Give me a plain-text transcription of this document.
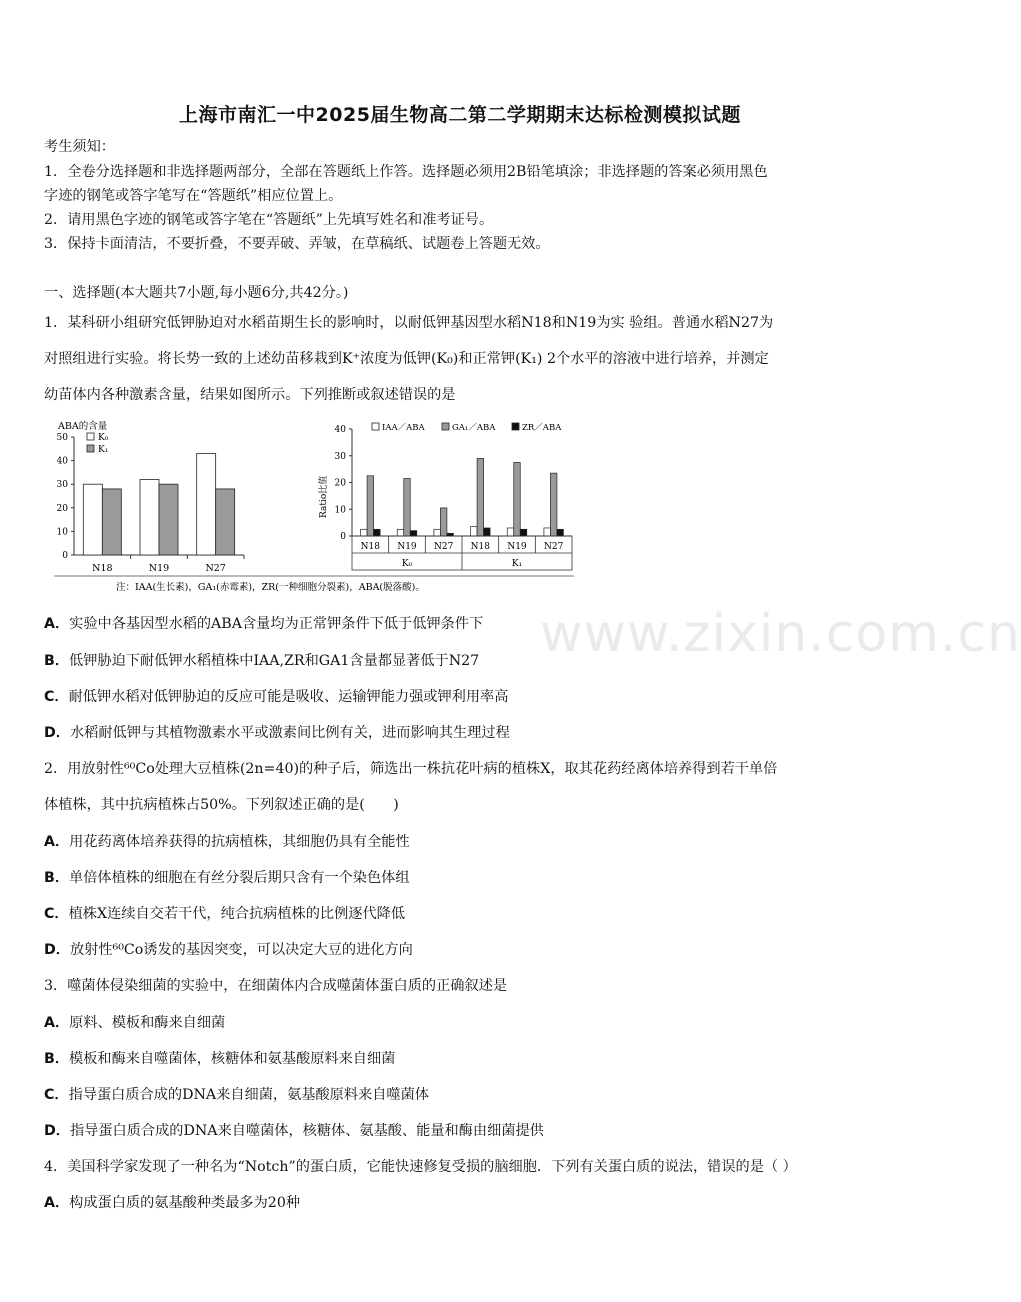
上海市南汇一中2025届生物高二第二学期期末达标检测模拟试题
考生须知：
1．全卷分选择题和非选择题两部分，全部在答题纸上作答。选择题必须用2B铅笔填涂；非选择题的答案必须用黑色
字迹的钢笔或答字笔写在“答题纸”相应位置上。
2．请用黑色字迹的钢笔或答字笔在“答题纸”上先填写姓名和准考证号。
3．保持卡面清洁，不要折叠，不要弄破、弄皱，在草稿纸、试题卷上答题无效。
一、选择题(本大题共7小题,每小题6分,共42分。)
1．某科研小组研究低钾胁迫对水稻苗期生长的影响时，以耐低钾基因型水稻N18和N19为实 验组。普通水稻N27为
对照组进行实验。将长势一致的上述幼苗移栽到K⁺浓度为低钾(K₀)和正常钾(K₁) 2个水平的溶液中进行培养，并测定
幼苗体内各种激素含量，结果如图所示。下列推断或叙述错误的是
ABA的含量
0
10
20
30
40
50
N18	N19	N27
K₀
K₁
0
10
20
30
40
Ratio比值
N18 N19 N27 N18 N19 N27
K₀	K₁
IAA／ABA	GA₁／ABA	ZR／ABA
注：IAA(生长素)，GA₁(赤霉素)，ZR(一种细胞分裂素)，ABA(脱落酸)。
A．实验中各基因型水稻的ABA含量均为正常钾条件下低于低钾条件下
B．低钾胁迫下耐低钾水稻植株中IAA,ZR和GA1含量都显著低于N27
C．耐低钾水稻对低钾胁迫的反应可能是吸收、运输钾能力强或钾利用率高
D．水稻耐低钾与其植物激素水平或激素间比例有关，进而影响其生理过程
2．用放射性⁶⁰Co处理大豆植株(2n=40)的种子后，筛选出一株抗花叶病的植株X，取其花药经离体培养得到若干单倍
体植株，其中抗病植株占50%。下列叙述正确的是(　　)
A．用花药离体培养获得的抗病植株，其细胞仍具有全能性
B．单倍体植株的细胞在有丝分裂后期只含有一个染色体组
C．植株X连续自交若干代，纯合抗病植株的比例逐代降低
D．放射性⁶⁰Co诱发的基因突变，可以决定大豆的进化方向
3．噬菌体侵染细菌的实验中，在细菌体内合成噬菌体蛋白质的正确叙述是
A．原料、模板和酶来自细菌
B．模板和酶来自噬菌体，核糖体和氨基酸原料来自细菌
C．指导蛋白质合成的DNA来自细菌，氨基酸原料来自噬菌体
D．指导蛋白质合成的DNA来自噬菌体，核糖体、氨基酸、能量和酶由细菌提供
4．美国科学家发现了一种名为“Notch”的蛋白质，它能快速修复受损的脑细胞．下列有关蛋白质的说法，错误的是（ ）
A．构成蛋白质的氨基酸种类最多为20种
www.zixin.com.cn
